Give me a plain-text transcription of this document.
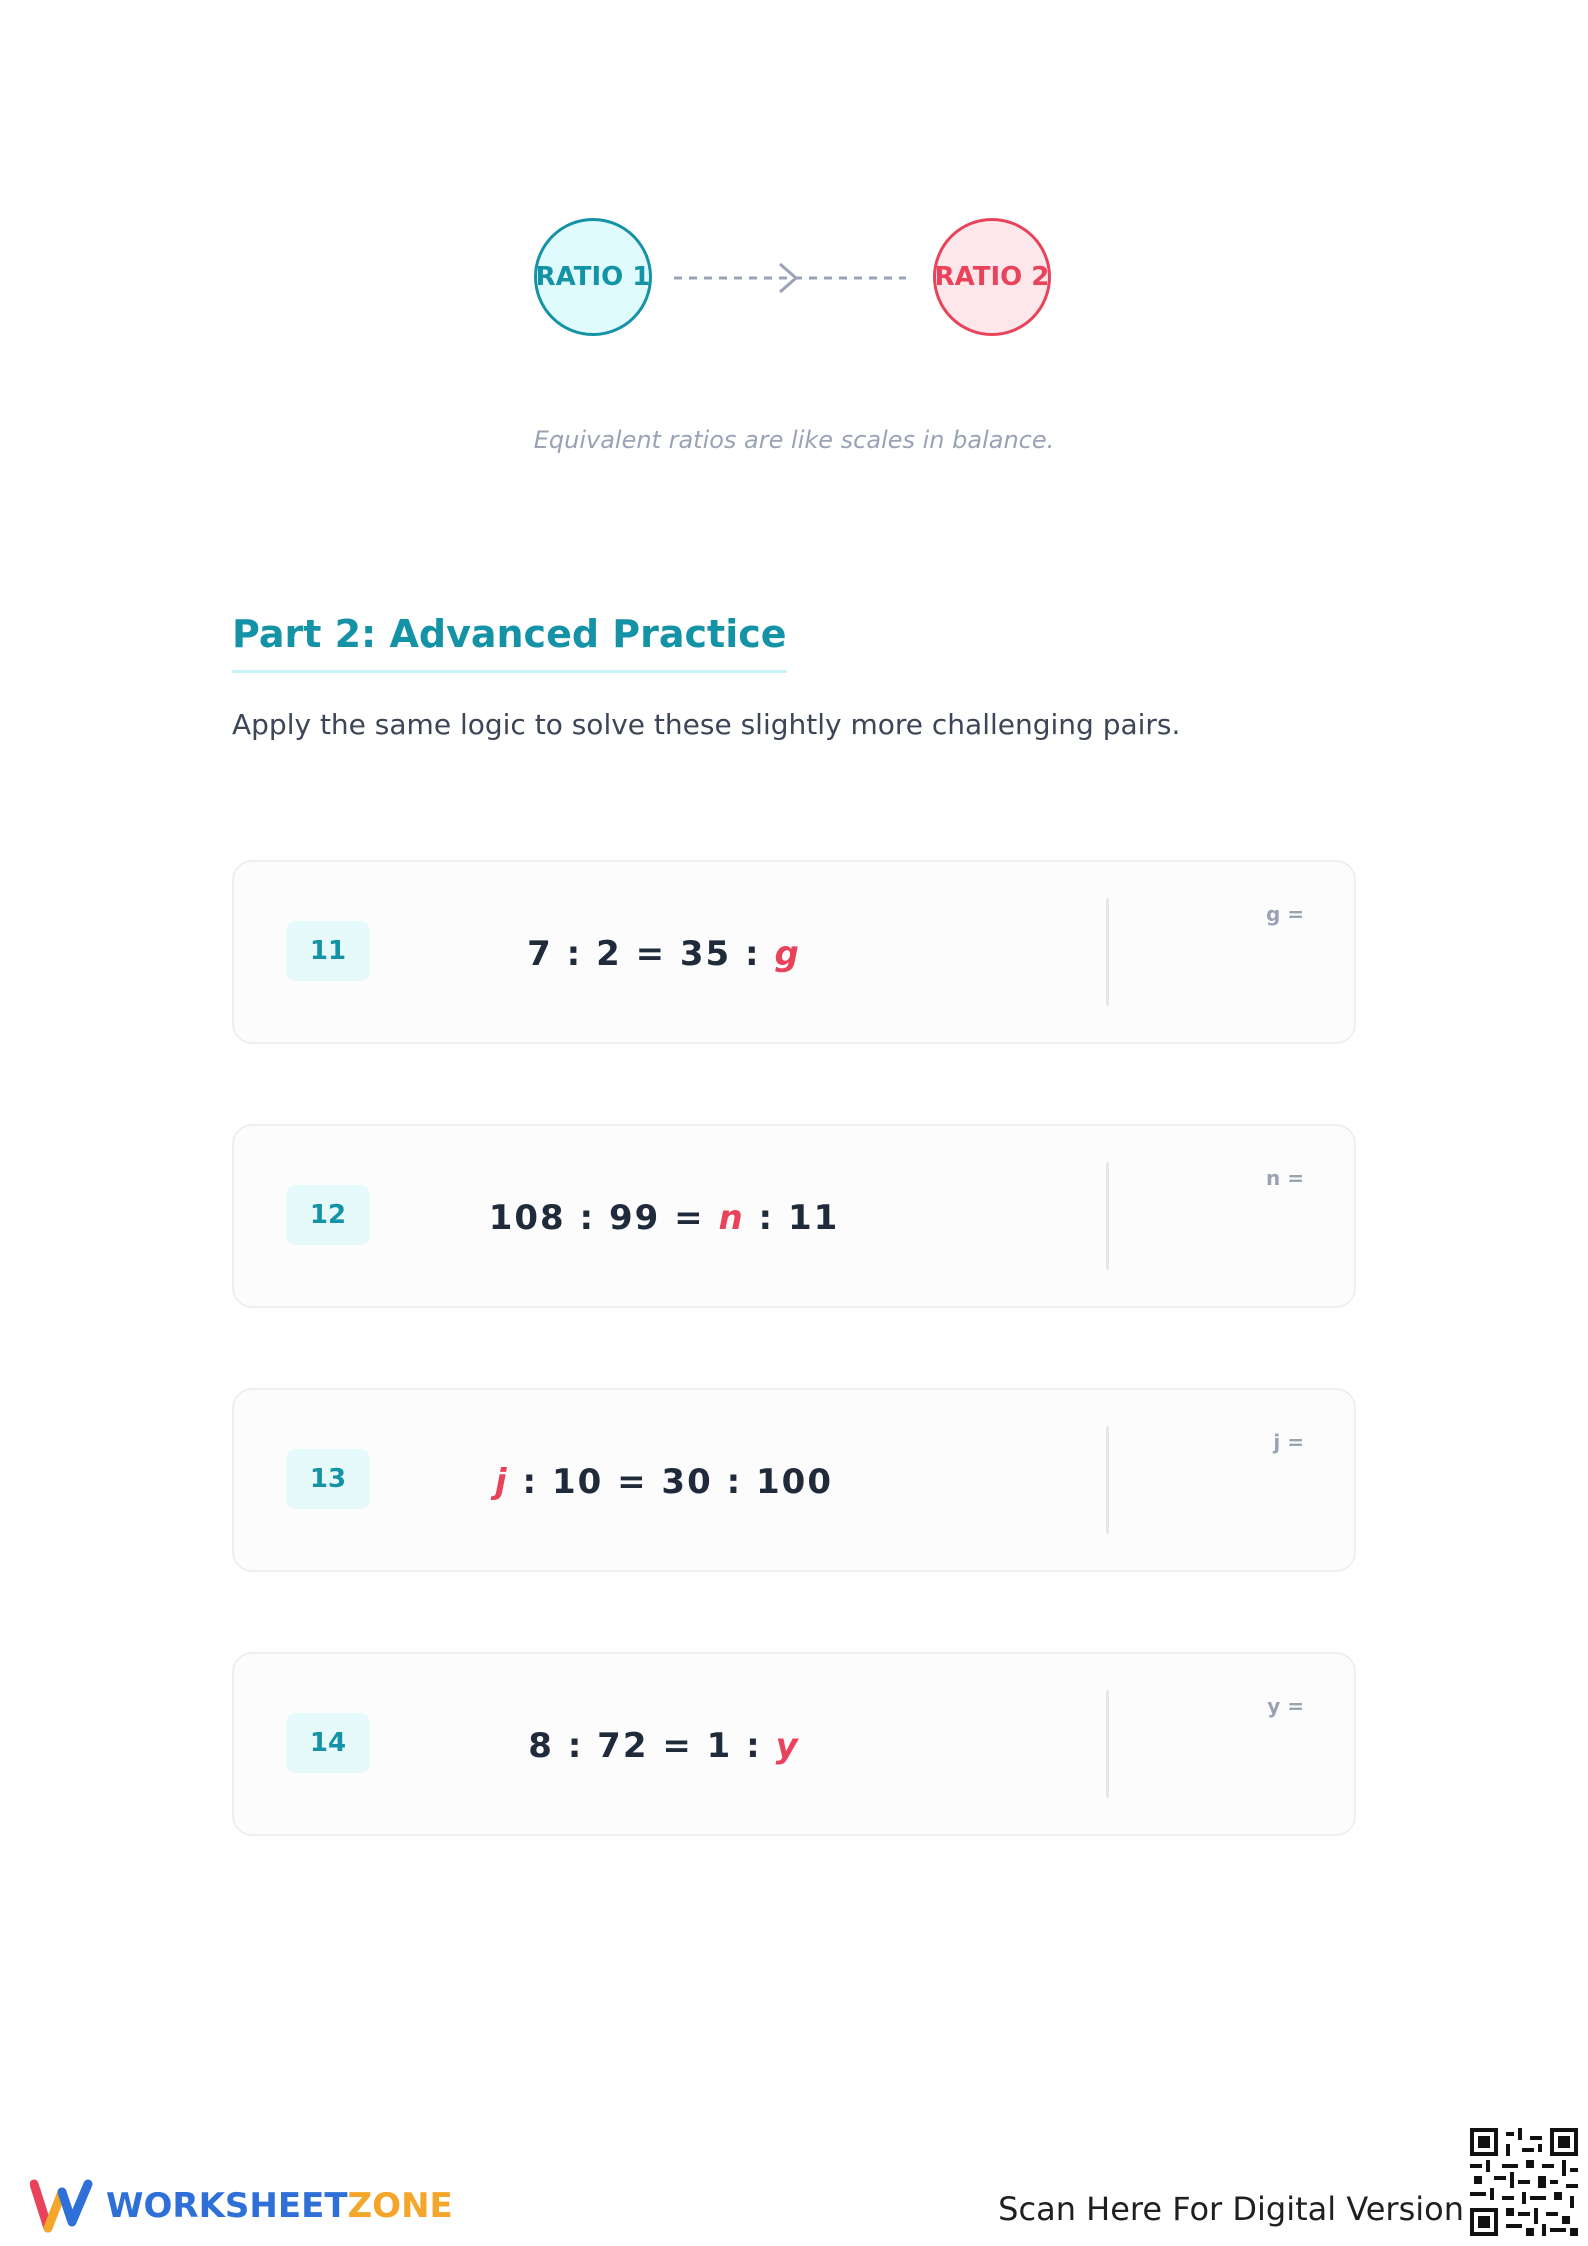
RATIO 1	RATIO 2
Equivalent ratios are like scales in balance.
Part 2: Advanced Practice
Apply the same logic to solve these slightly more challenging pairs.
11	7 : 2 = 35 : g
g =
12	108 : 99 = n : 11
n =
13	j : 10 = 30 : 100
j =
14	8 : 72 = 1 : y
y =
WORKSHEETZONE	Scan Here For Digital Version
